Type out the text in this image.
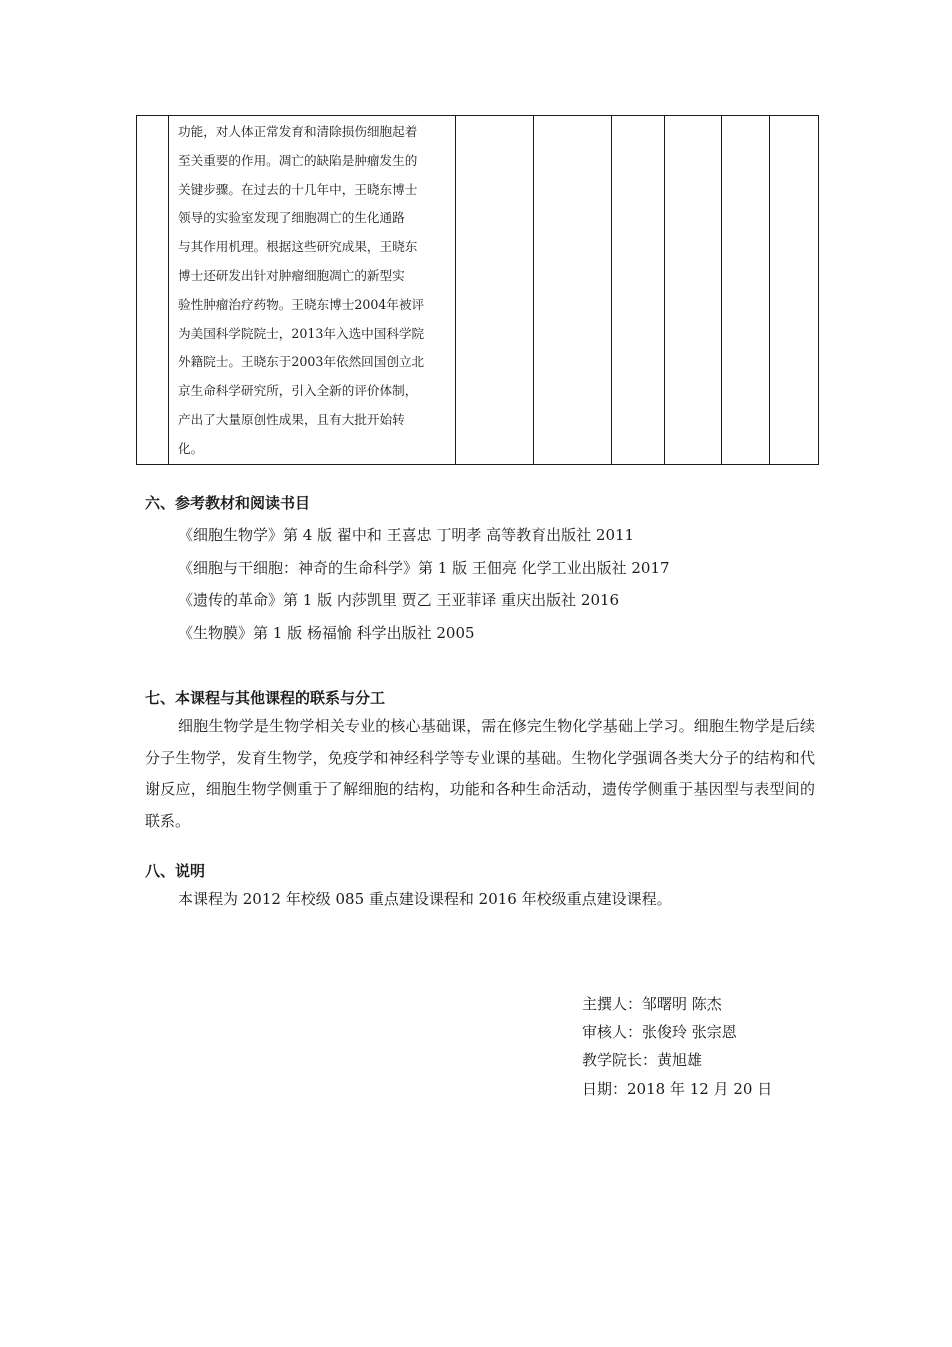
功能，对人体正常发育和清除损伤细胞起着
至关重要的作用。凋亡的缺陷是肿瘤发生的
关键步骤。在过去的十几年中，王晓东博士
领导的实验室发现了细胞凋亡的生化通路
与其作用机理。根据这些研究成果，王晓东
博士还研发出针对肿瘤细胞凋亡的新型实
验性肿瘤治疗药物。王晓东博士2004年被评
为美国科学院院士，2013年入选中国科学院
外籍院士。王晓东于2003年依然回国创立北
京生命科学研究所，引入全新的评价体制，
产出了大量原创性成果，且有大批开始转
化。

六、参考教材和阅读书目
《细胞生物学》第 4 版 翟中和 王喜忠 丁明孝 高等教育出版社 2011
《细胞与干细胞：神奇的生命科学》第 1 版 王佃亮 化学工业出版社 2017
《遗传的革命》第 1 版 内莎凯里 贾乙 王亚菲译 重庆出版社 2016
《生物膜》第 1 版 杨福愉 科学出版社 2005
七、本课程与其他课程的联系与分工
细胞生物学是生物学相关专业的核心基础课，需在修完生物化学基础上学习。细胞生物学是后续分子生物学，发育生物学，免疫学和神经科学等专业课的基础。生物化学强调各类大分子的结构和代谢反应，细胞生物学侧重于了解细胞的结构，功能和各种生命活动，遗传学侧重于基因型与表型间的联系。
八、说明
本课程为 2012 年校级 085 重点建设课程和 2016 年校级重点建设课程。
主撰人：邹曙明 陈杰
审核人：张俊玲 张宗恩
教学院长：黄旭雄
日期：2018 年 12 月 20 日
